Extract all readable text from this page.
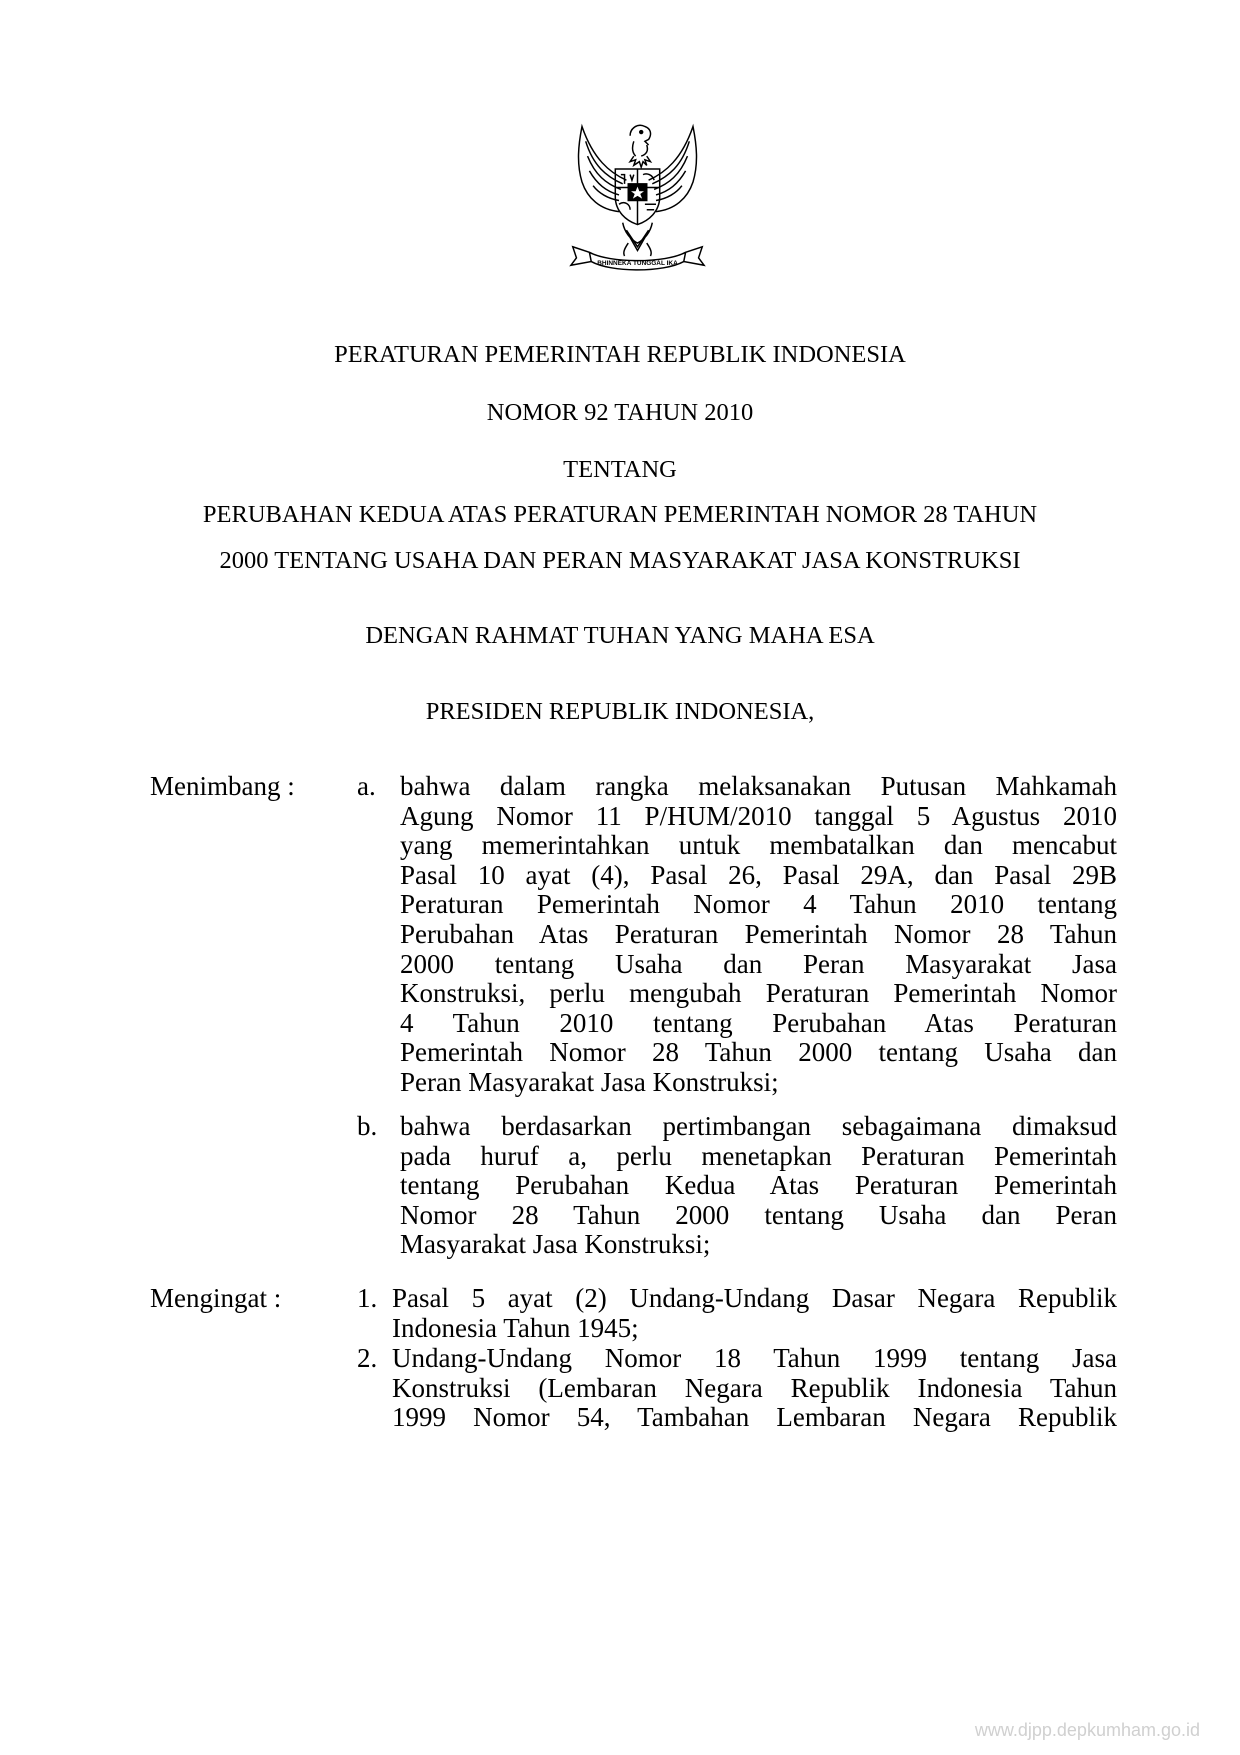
BHINNEKA TUNGGAL IKA
PERATURAN PEMERINTAH REPUBLIK INDONESIA
NOMOR 92 TAHUN 2010
TENTANG
PERUBAHAN KEDUA ATAS PERATURAN PEMERINTAH NOMOR 28 TAHUN
2000 TENTANG USAHA DAN PERAN MASYARAKAT JASA KONSTRUKSI
DENGAN RAHMAT TUHAN YANG MAHA ESA
PRESIDEN REPUBLIK INDONESIA,
Menimbang : a. bahwa dalam rangka melaksanakan Putusan Mahkamah
Agung Nomor 11 P/HUM/2010 tanggal 5 Agustus 2010
yang memerintahkan untuk membatalkan dan mencabut
Pasal 10 ayat (4), Pasal 26, Pasal 29A, dan Pasal 29B
Peraturan Pemerintah Nomor 4 Tahun 2010 tentang
Perubahan Atas Peraturan Pemerintah Nomor 28 Tahun
2000 tentang Usaha dan Peran Masyarakat Jasa
Konstruksi, perlu mengubah Peraturan Pemerintah Nomor
4 Tahun 2010 tentang Perubahan Atas Peraturan
Pemerintah Nomor 28 Tahun 2000 tentang Usaha dan
Peran Masyarakat Jasa Konstruksi;
b. bahwa berdasarkan pertimbangan sebagaimana dimaksud
pada huruf a, perlu menetapkan Peraturan Pemerintah
tentang Perubahan Kedua Atas Peraturan Pemerintah
Nomor 28 Tahun 2000 tentang Usaha dan Peran
Masyarakat Jasa Konstruksi;
Mengingat :	1. Pasal 5 ayat (2) Undang-Undang Dasar Negara Republik
Indonesia Tahun 1945;
2. Undang-Undang Nomor 18 Tahun 1999 tentang Jasa
Konstruksi (Lembaran Negara Republik Indonesia Tahun
1999 Nomor 54, Tambahan Lembaran Negara Republik
www.djpp.depkumham.go.id
